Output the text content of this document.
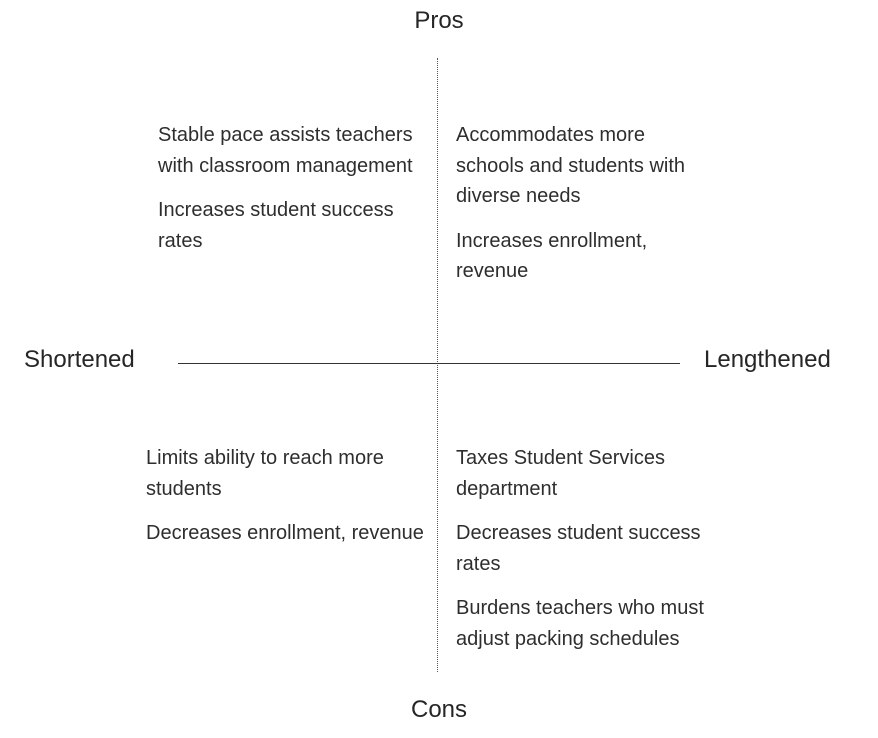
Pros
Cons
Shortened	Lengthened
Stable pace assists teachers with classroom management
Increases student success rates
Accommodates more schools and students with diverse needs
Increases enrollment, revenue
Limits ability to reach more students
Decreases enrollment, revenue
Taxes Student Services department
Decreases student success rates
Burdens teachers who must adjust packing schedules
